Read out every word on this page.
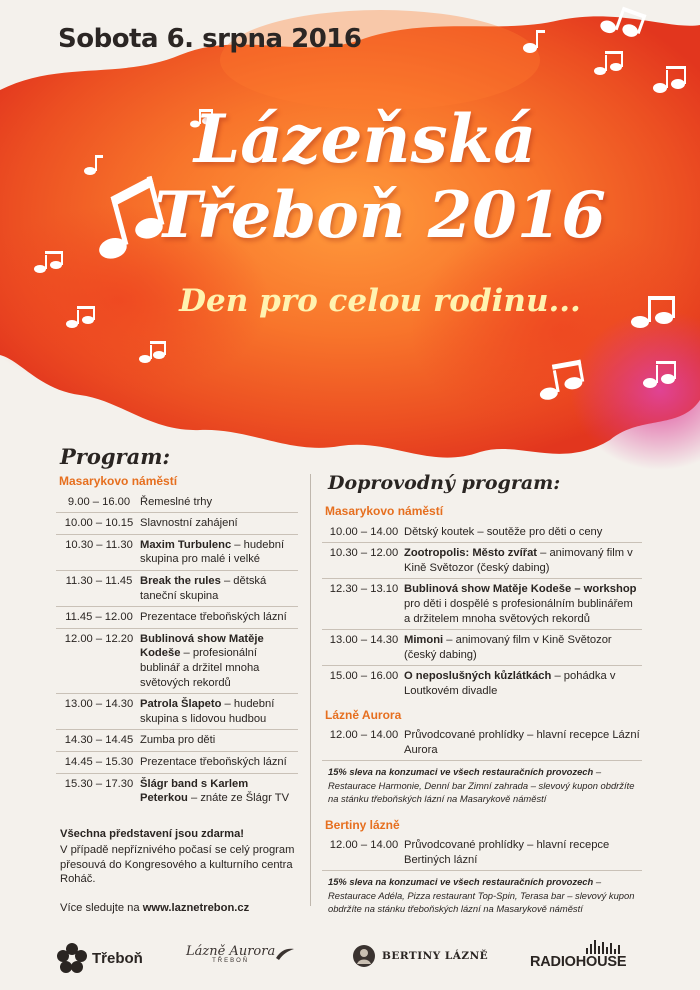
Sobota 6. srpna 2016
Lázeňská
Třeboň 2016
Den pro celou rodinu...
Program:
Doprovodný program:
Masarykovo náměstí
9.00 – 16.00 Řemeslné trhy
10.00 – 10.15 Slavnostní zahájení
10.30 – 11.30 Maxim Turbulenc – hudební skupina pro malé i velké
11.30 – 11.45 Break the rules – dětská taneční skupina
11.45 – 12.00 Prezentace třeboňských lázní
12.00 – 12.20 Bublinová show Matěje Kodeše – profesionální bublinář a držitel mnoha světových rekordů
13.00 – 14.30 Patrola Šlapeto – hudební skupina s lidovou hudbou
14.30 – 14.45 Zumba pro děti
14.45 – 15.30 Prezentace třeboňských lázní
15.30 – 17.30 Šlágr band s Karlem Peterkou – znáte ze Šlágr TV
Všechna představení jsou zdarma!
V případě nepříznivého počasí se celý program přesouvá do Kongresového a kulturního centra Roháč.
Více sledujte na www.laznetrebon.cz
Masarykovo náměstí
10.00 – 14.00 Dětský koutek – soutěže pro děti o ceny
10.30 – 12.00 Zootropolis: Město zvířat – animovaný film v Kině Světozor (český dabing)
12.30 – 13.10 Bublinová show Matěje Kodeše – workshop pro děti i dospělé s profesionálním bublinářem a držitelem mnoha světových rekordů
13.00 – 14.30 Mimoni – animovaný film v Kině Světozor (český dabing)
15.00 – 16.00 O neposlušných kůzlátkách – pohádka v Loutkovém divadle
Lázně Aurora
12.00 – 14.00 Průvodcované prohlídky – hlavní recepce Lázní Aurora
15% sleva na konzumaci ve všech restauračních provozech – Restaurace Harmonie, Denní bar Zimní zahrada – slevový kupon obdržíte na stánku třeboňských lázní na Masarykově náměstí
Bertiny lázně
12.00 – 14.00 Průvodcované prohlídky – hlavní recepce Bertiných lázní
15% sleva na konzumaci ve všech restauračních provozech – Restaurace Adéla, Pizza restaurant Top-Spin, Terasa bar – slevový kupon obdržíte na stánku třeboňských lázní na Masarykově náměstí
Třeboň	Lázně Aurora
TŘEBOŇ	BERTINY LÁZNĚ	RADIOHOUSE
